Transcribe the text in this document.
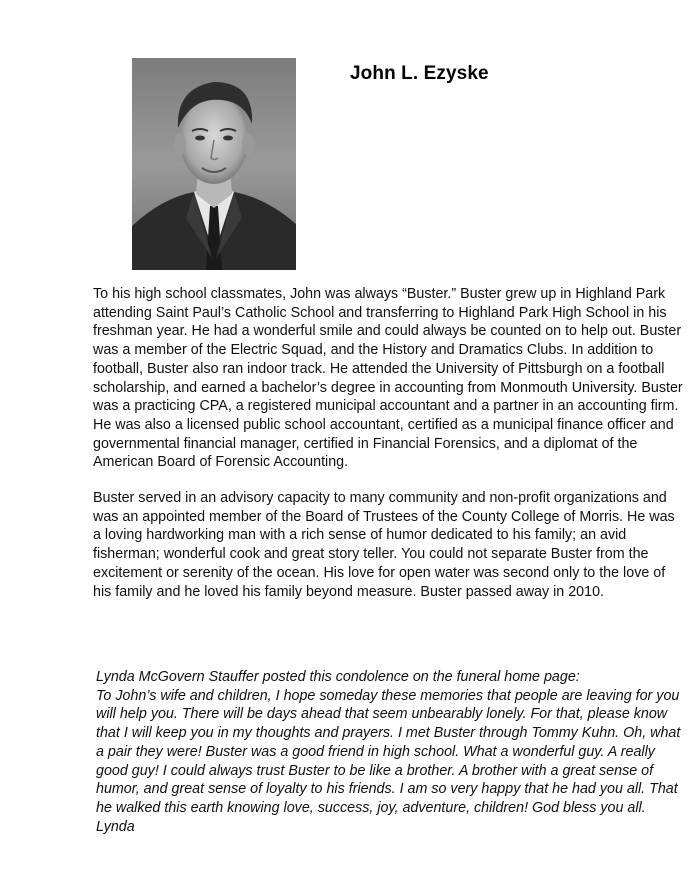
John L. Ezyske

To his high school classmates, John was always “Buster.” Buster grew up in Highland Park attending Saint Paul’s Catholic School and transferring to Highland Park High School in his freshman year. He had a wonderful smile and could always be counted on to help out. Buster was a member of the Electric Squad, and the History and Dramatics Clubs. In addition to football, Buster also ran indoor track. He attended the University of Pittsburgh on a football scholarship, and earned a bachelor’s degree in accounting from Monmouth University. Buster was a practicing CPA, a registered municipal accountant and a partner in an accounting firm. He was also a licensed public school accountant, certified as a municipal finance officer and governmental financial manager, certified in Financial Forensics, and a diplomat of the American Board of Forensic Accounting.

Buster served in an advisory capacity to many community and non-profit organizations and was an appointed member of the Board of Trustees of the County College of Morris. He was a loving hardworking man with a rich sense of humor dedicated to his family; an avid fisherman; wonderful cook and great story teller. You could not separate Buster from the excitement or serenity of the ocean. His love for open water was second only to the love of his family and he loved his family beyond measure. Buster passed away in 2010.

Lynda McGovern Stauffer posted this condolence on the funeral home page:

To John’s wife and children, I hope someday these memories that people are leaving for you will help you. There will be days ahead that seem unbearably lonely. For that, please know that I will keep you in my thoughts and prayers. I met Buster through Tommy Kuhn. Oh, what a pair they were! Buster was a good friend in high school. What a wonderful guy. A really good guy! I could always trust Buster to be like a brother. A brother with a great sense of humor, and great sense of loyalty to his friends. I am so very happy that he had you all. That he walked this earth knowing love, success, joy, adventure, children! God bless you all. Lynda
